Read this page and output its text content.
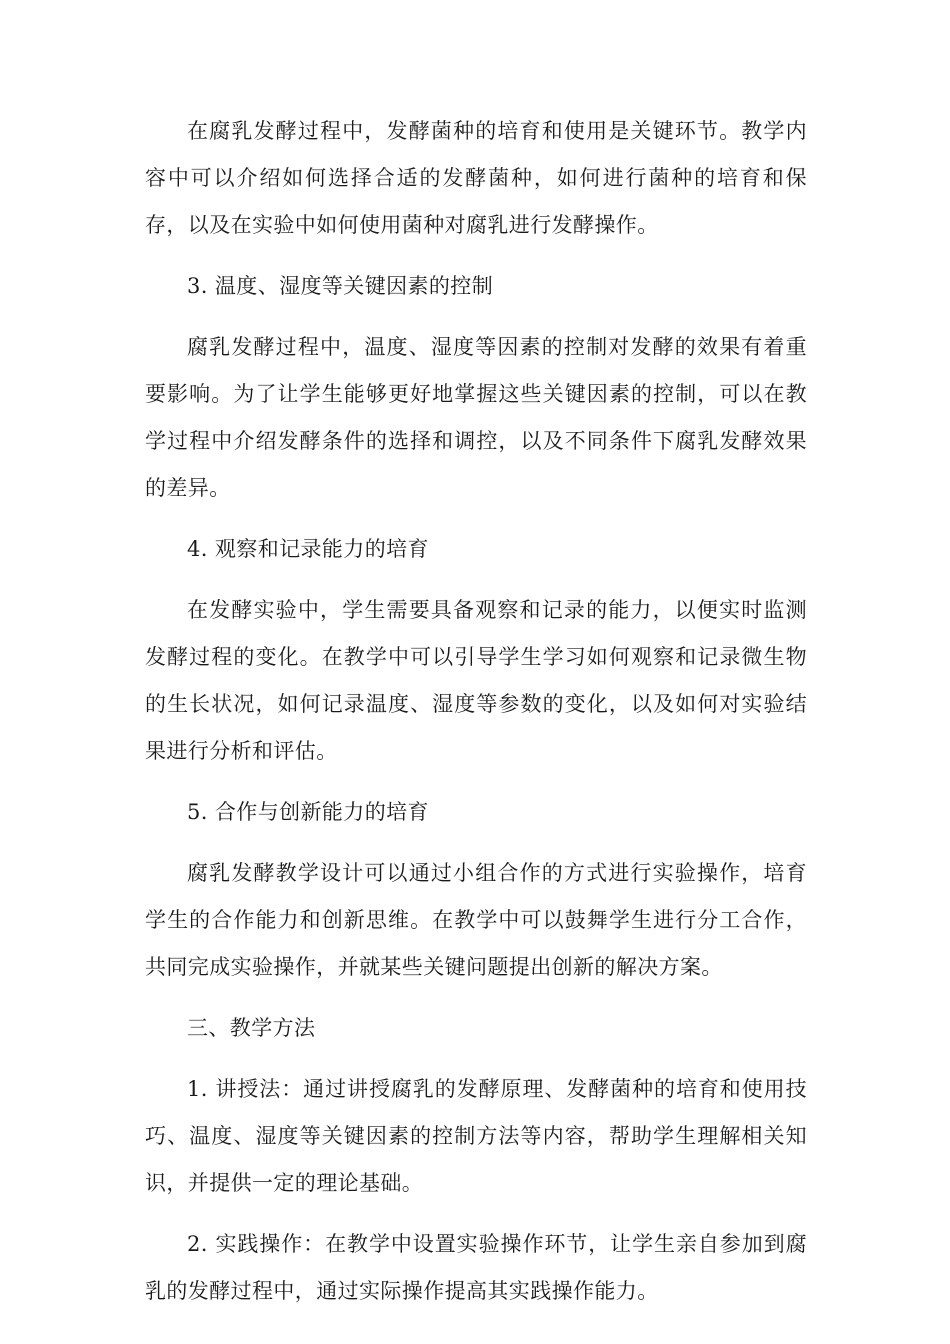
在腐乳发酵过程中，发酵菌种的培育和使用是关键环节。教学内容中可以介绍如何选择合适的发酵菌种，如何进行菌种的培育和保存，以及在实验中如何使用菌种对腐乳进行发酵操作。

3. 温度、湿度等关键因素的控制

腐乳发酵过程中，温度、湿度等因素的控制对发酵的效果有着重要影响。为了让学生能够更好地掌握这些关键因素的控制，可以在教学过程中介绍发酵条件的选择和调控，以及不同条件下腐乳发酵效果的差异。

4. 观察和记录能力的培育

在发酵实验中，学生需要具备观察和记录的能力，以便实时监测发酵过程的变化。在教学中可以引导学生学习如何观察和记录微生物的生长状况，如何记录温度、湿度等参数的变化，以及如何对实验结果进行分析和评估。

5. 合作与创新能力的培育

腐乳发酵教学设计可以通过小组合作的方式进行实验操作，培育学生的合作能力和创新思维。在教学中可以鼓舞学生进行分工合作，共同完成实验操作，并就某些关键问题提出创新的解决方案。

三、教学方法

1. 讲授法：通过讲授腐乳的发酵原理、发酵菌种的培育和使用技巧、温度、湿度等关键因素的控制方法等内容，帮助学生理解相关知识，并提供一定的理论基础。

2. 实践操作：在教学中设置实验操作环节，让学生亲自参加到腐乳的发酵过程中，通过实际操作提高其实践操作能力。
